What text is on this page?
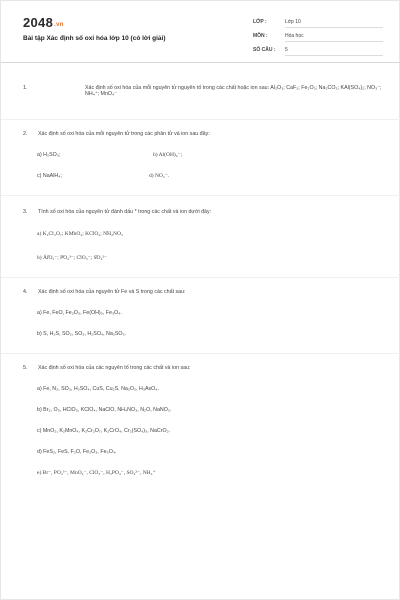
2048.vn
Bài tập Xác định số oxi hóa lớp 10 (có lời giải)
LỚP :	Lớp 10
MÔN :	Hóa học
SỐ CÂU :	5
1.	Xác định số oxi hóa của mỗi nguyên tử nguyên tố trong các chất hoặc ion sau: Al₂O₃; CaF₂; Fe₂O₃; Na₂CO₃; KAl(SO₄)₂; NO₃⁻; NH₄⁺; MnO₄⁻
2. Xác định số oxi hóa của mỗi nguyên tử trong các phân tử và ion sau đây:
a) H₂SO₃;	b) Al(OH)₄⁻;
c) NaAlH₄;	d) NO₂⁻.
3. Tính số oxi hóa của nguyên tử đánh dấu * trong các chất và ion dưới đây:
a) K₂C̊r₂O₇; KM̊nO₄; KC̊lO₄; N̊H₄NO₃
b) Ål̊O₂⁻; P̊O₄³⁻; C̊lO₃⁻; S̊O₄²⁻
4. Xác định số oxi hóa của nguyên tử Fe và S trong các chất sau:
a) Fe, FeO, Fe₂O₃, Fe(OH)₃, Fe₃O₄.
b) S, H₂S, SO₂, SO₃, H₂SO₄, Na₂SO₃.
5. Xác định số oxi hóa của các nguyên tố trong các chất và ion sau:
a) Fe, N₂, SO₃, H₂SO₄, CuS, Cu₂S, Na₂O₂, H₃AsO₄.
b) Br₂, O₃, HClO₃, KClO₄, NaClO, NH₄NO₃, N₂O, NaNO₂.
c) MnO₂, K₂MnO₄, K₂Cr₂O₇, K₂CrO₄, Cr₂(SO₄)₃, NaCrO₂.
d) FeS₂, FeS, F₂O, Fe₂O₃, Fe₃O₄.
e) Br⁻, PO₄³⁻, MnO₄⁻, ClO₃⁻, H₂PO₄⁻, SO₄²⁻, NH₄⁺
